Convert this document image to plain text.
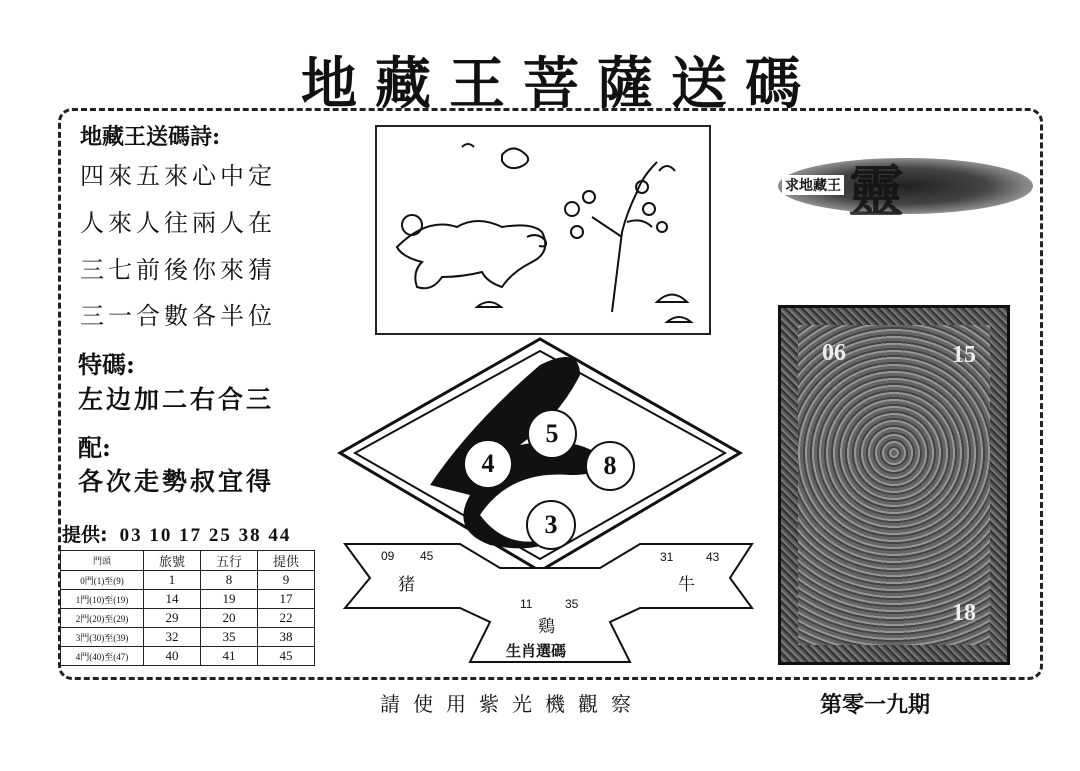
地藏王菩薩送碼
地藏王送碼詩:
四來五來心中定
人來人往兩人在
三七前後你來猜
三一合數各半位
特碼:
左边加二右合三
配:
各次走勢叔宜得
提供: 03 10 17 25 38 44
門頭	旅號	五行	提供
0門(1)至(9)	1	8	9
1門(10)至(19)	14	19	17
2門(20)至(29)	29	20	22
3門(30)至(39)	32	35	38
4門(40)至(47)	40	41	45
求地藏王 靈
06	15
18
5
4	8
3
09 45
猪
31	43
牛
11	35
鷄
生肖選碼
請使用紫光機觀察	第零一九期
